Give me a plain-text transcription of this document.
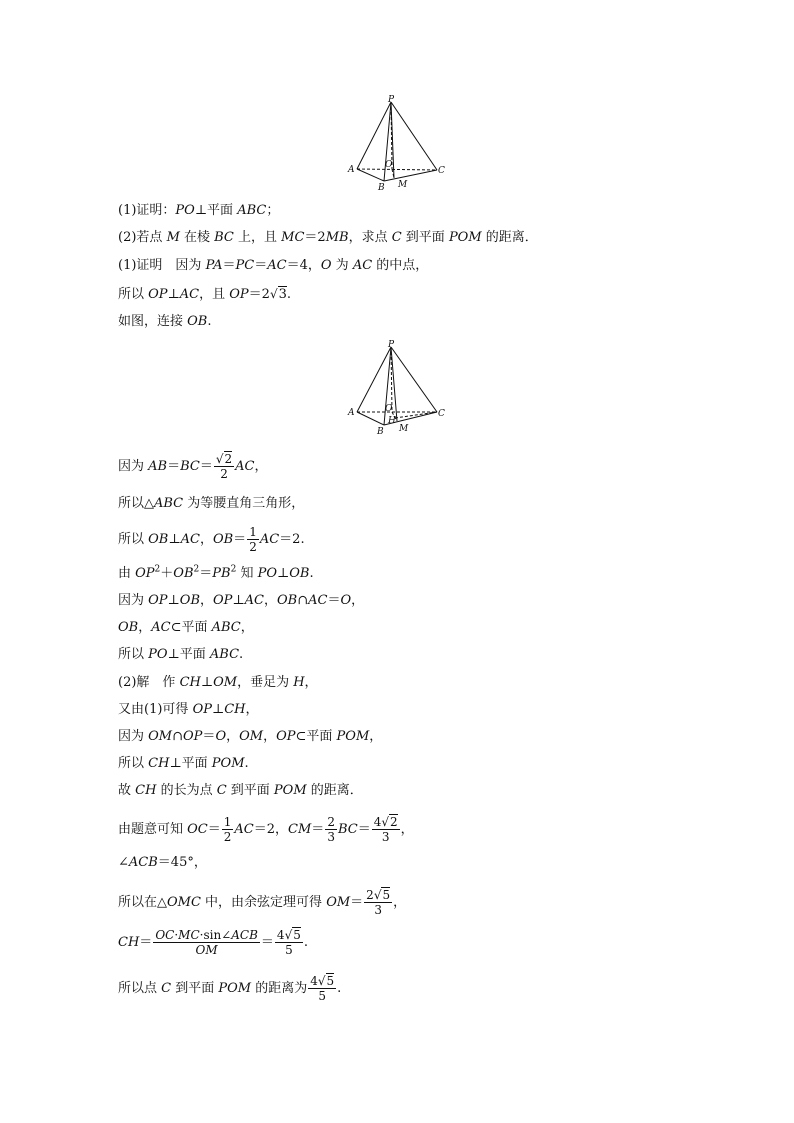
P
A
B
C
O
M
(1)证明：PO⊥平面 ABC；
(2)若点 M 在棱 BC 上，且 MC＝2MB，求点 C 到平面 POM 的距离．
(1)证明　因为 PA＝PC＝AC＝4，O 为 AC 的中点，
所以 OP⊥AC，且 OP＝2√3.
如图，连接 OB.
P
A
B
C
O
H
M
因为 $AB=BC= \frac{√2}{2}$ AC，
所以△ABC 为等腰直角三角形，
所以 OB⊥AC，$OB= \frac{1}{2} AC=2$.
由 $OP^2+OB^2=PB^2$ 知 PO⊥OB.
因为 OP⊥OB，OP⊥AC，OB∩AC＝O，
OB，AC⊂平面 ABC，
所以 PO⊥平面 ABC.
(2)解　作 CH⊥OM，垂足为 H，
又由(1)可得 OP⊥CH，
因为 OM∩OP＝O，OM，OP⊂平面 POM，
所以 CH⊥平面 POM.
故 CH 的长为点 C 到平面 POM 的距离．
由题意可知 $OC= \frac{1}{2} AC=2$，$CM= \frac{2}{3} BC= \frac{4√2}{3}$ ，
∠ACB＝45°，
所以在△OMC 中，由余弦定理可得 $OM= \frac{2√5}{3}$ ，
$CH= \frac{\text{OC·MC·sin∠ACB}}{OM} = \frac{4√5}{5}$ .
所以点 C 到平面 POM 的距离为 $\frac{4√5}{5}$ .
